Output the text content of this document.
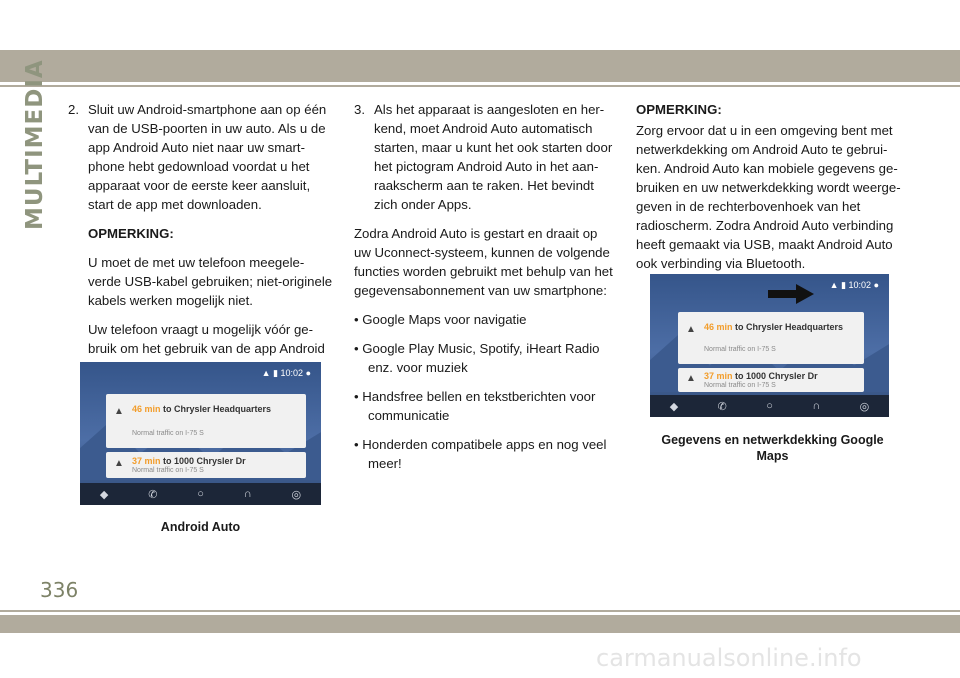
MULTIMEDIA 2. Sluit uw Android-smartphone aan op één van de USB-poorten in uw auto. Als u de app Android Auto niet naar uw smart-phone hebt gedownload voordat u het apparaat voor de eerste keer aansluit, start de app met downloaden.

OPMERKING:

U moet de met uw telefoon meegele-verde USB-kabel gebruiken; niet-originele kabels werken mogelijk niet.

Uw telefoon vraagt u mogelijk vóór ge-bruik om het gebruik van de app Android

▲ ▮ 10:02 ●
▲ 46 min to Chrysler Headquarters
Normal traffic on I-75 S
▲ 37 min to 1000 Chrysler Dr
Normal traffic on I-75 S
◆	✆	○	∩	◎
Android Auto

3. Als het apparaat is aangesloten en her-kend, moet Android Auto automatisch starten, maar u kunt het ook starten door het pictogram Android Auto in het aan-raakscherm aan te raken. Het bevindt zich onder Apps.

Zodra Android Auto is gestart en draait op uw Uconnect-systeem, kunnen de volgende functies worden gebruikt met behulp van het gegevensabonnement van uw smartphone:

• Google Maps voor navigatie

• Google Play Music, Spotify, iHeart Radio enz. voor muziek

• Handsfree bellen en tekstberichten voor communicatie

• Honderden compatibele apps en nog veel meer!

OPMERKING:

Zorg ervoor dat u in een omgeving bent met netwerkdekking om Android Auto te gebrui-ken. Android Auto kan mobiele gegevens ge-bruiken en uw netwerkdekking wordt weerge-geven in de rechterbovenhoek van het radioscherm. Zodra Android Auto verbinding heeft gemaakt via USB, maakt Android Auto ook verbinding via Bluetooth.

▲ ▮ 10:02 ●
▲ 46 min to Chrysler Headquarters
Normal traffic on I-75 S
▲ 37 min to 1000 Chrysler Dr
Normal traffic on I-75 S
◆	✆	○	∩	◎
Gegevens en netwerkdekking Google Maps
336
carmanualsonline.info
